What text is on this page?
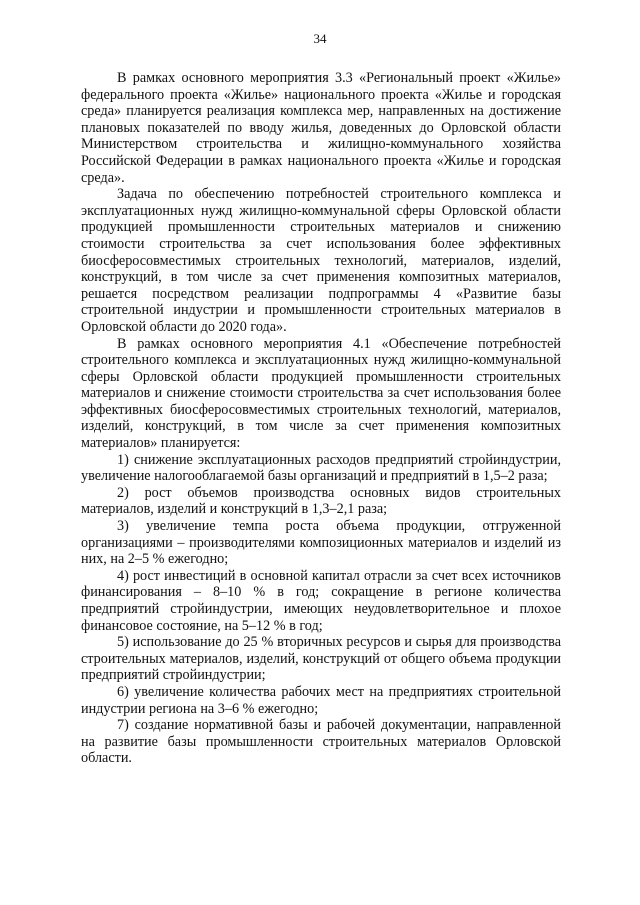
34

В рамках основного мероприятия 3.3 «Региональный проект «Жилье» федерального проекта «Жилье» национального проекта «Жилье и городская среда» планируется реализация комплекса мер, направленных на достижение плановых показателей по вводу жилья, доведенных до Орловской области Министерством строительства и жилищно-коммунального хозяйства Российской Федерации в рамках национального проекта «Жилье и городская среда».

Задача по обеспечению потребностей строительного комплекса и эксплуатационных нужд жилищно-коммунальной сферы Орловской области продукцией промышленности строительных материалов и снижению стоимости строительства за счет использования более эффективных биосферосовместимых строительных технологий, материалов, изделий, конструкций, в том числе за счет применения композитных материалов, решается посредством реализации подпрограммы 4 «Развитие базы строительной индустрии и промышленности строительных материалов в Орловской области до 2020 года».

В рамках основного мероприятия 4.1 «Обеспечение потребностей строительного комплекса и эксплуатационных нужд жилищно-коммунальной сферы Орловской области продукцией промышленности строительных материалов и снижение стоимости строительства за счет использования более эффективных биосферосовместимых строительных технологий, материалов, изделий, конструкций, в том числе за счет применения композитных материалов» планируется:

1) снижение эксплуатационных расходов предприятий стройиндустрии, увеличение налогооблагаемой базы организаций и предприятий в 1,5–2 раза;

2) рост объемов производства основных видов строительных материалов, изделий и конструкций в 1,3–2,1 раза;

3) увеличение темпа роста объема продукции, отгруженной организациями – производителями композиционных материалов и изделий из них, на 2–5 % ежегодно;

4) рост инвестиций в основной капитал отрасли за счет всех источников финансирования – 8–10 % в год; сокращение в регионе количества предприятий стройиндустрии, имеющих неудовлетворительное и плохое финансовое состояние, на 5–12 % в год;

5) использование до 25 % вторичных ресурсов и сырья для производства строительных материалов, изделий, конструкций от общего объема продукции предприятий стройиндустрии;

6) увеличение количества рабочих мест на предприятиях строительной индустрии региона на 3–6 % ежегодно;

7) создание нормативной базы и рабочей документации, направленной на развитие базы промышленности строительных материалов Орловской области.
